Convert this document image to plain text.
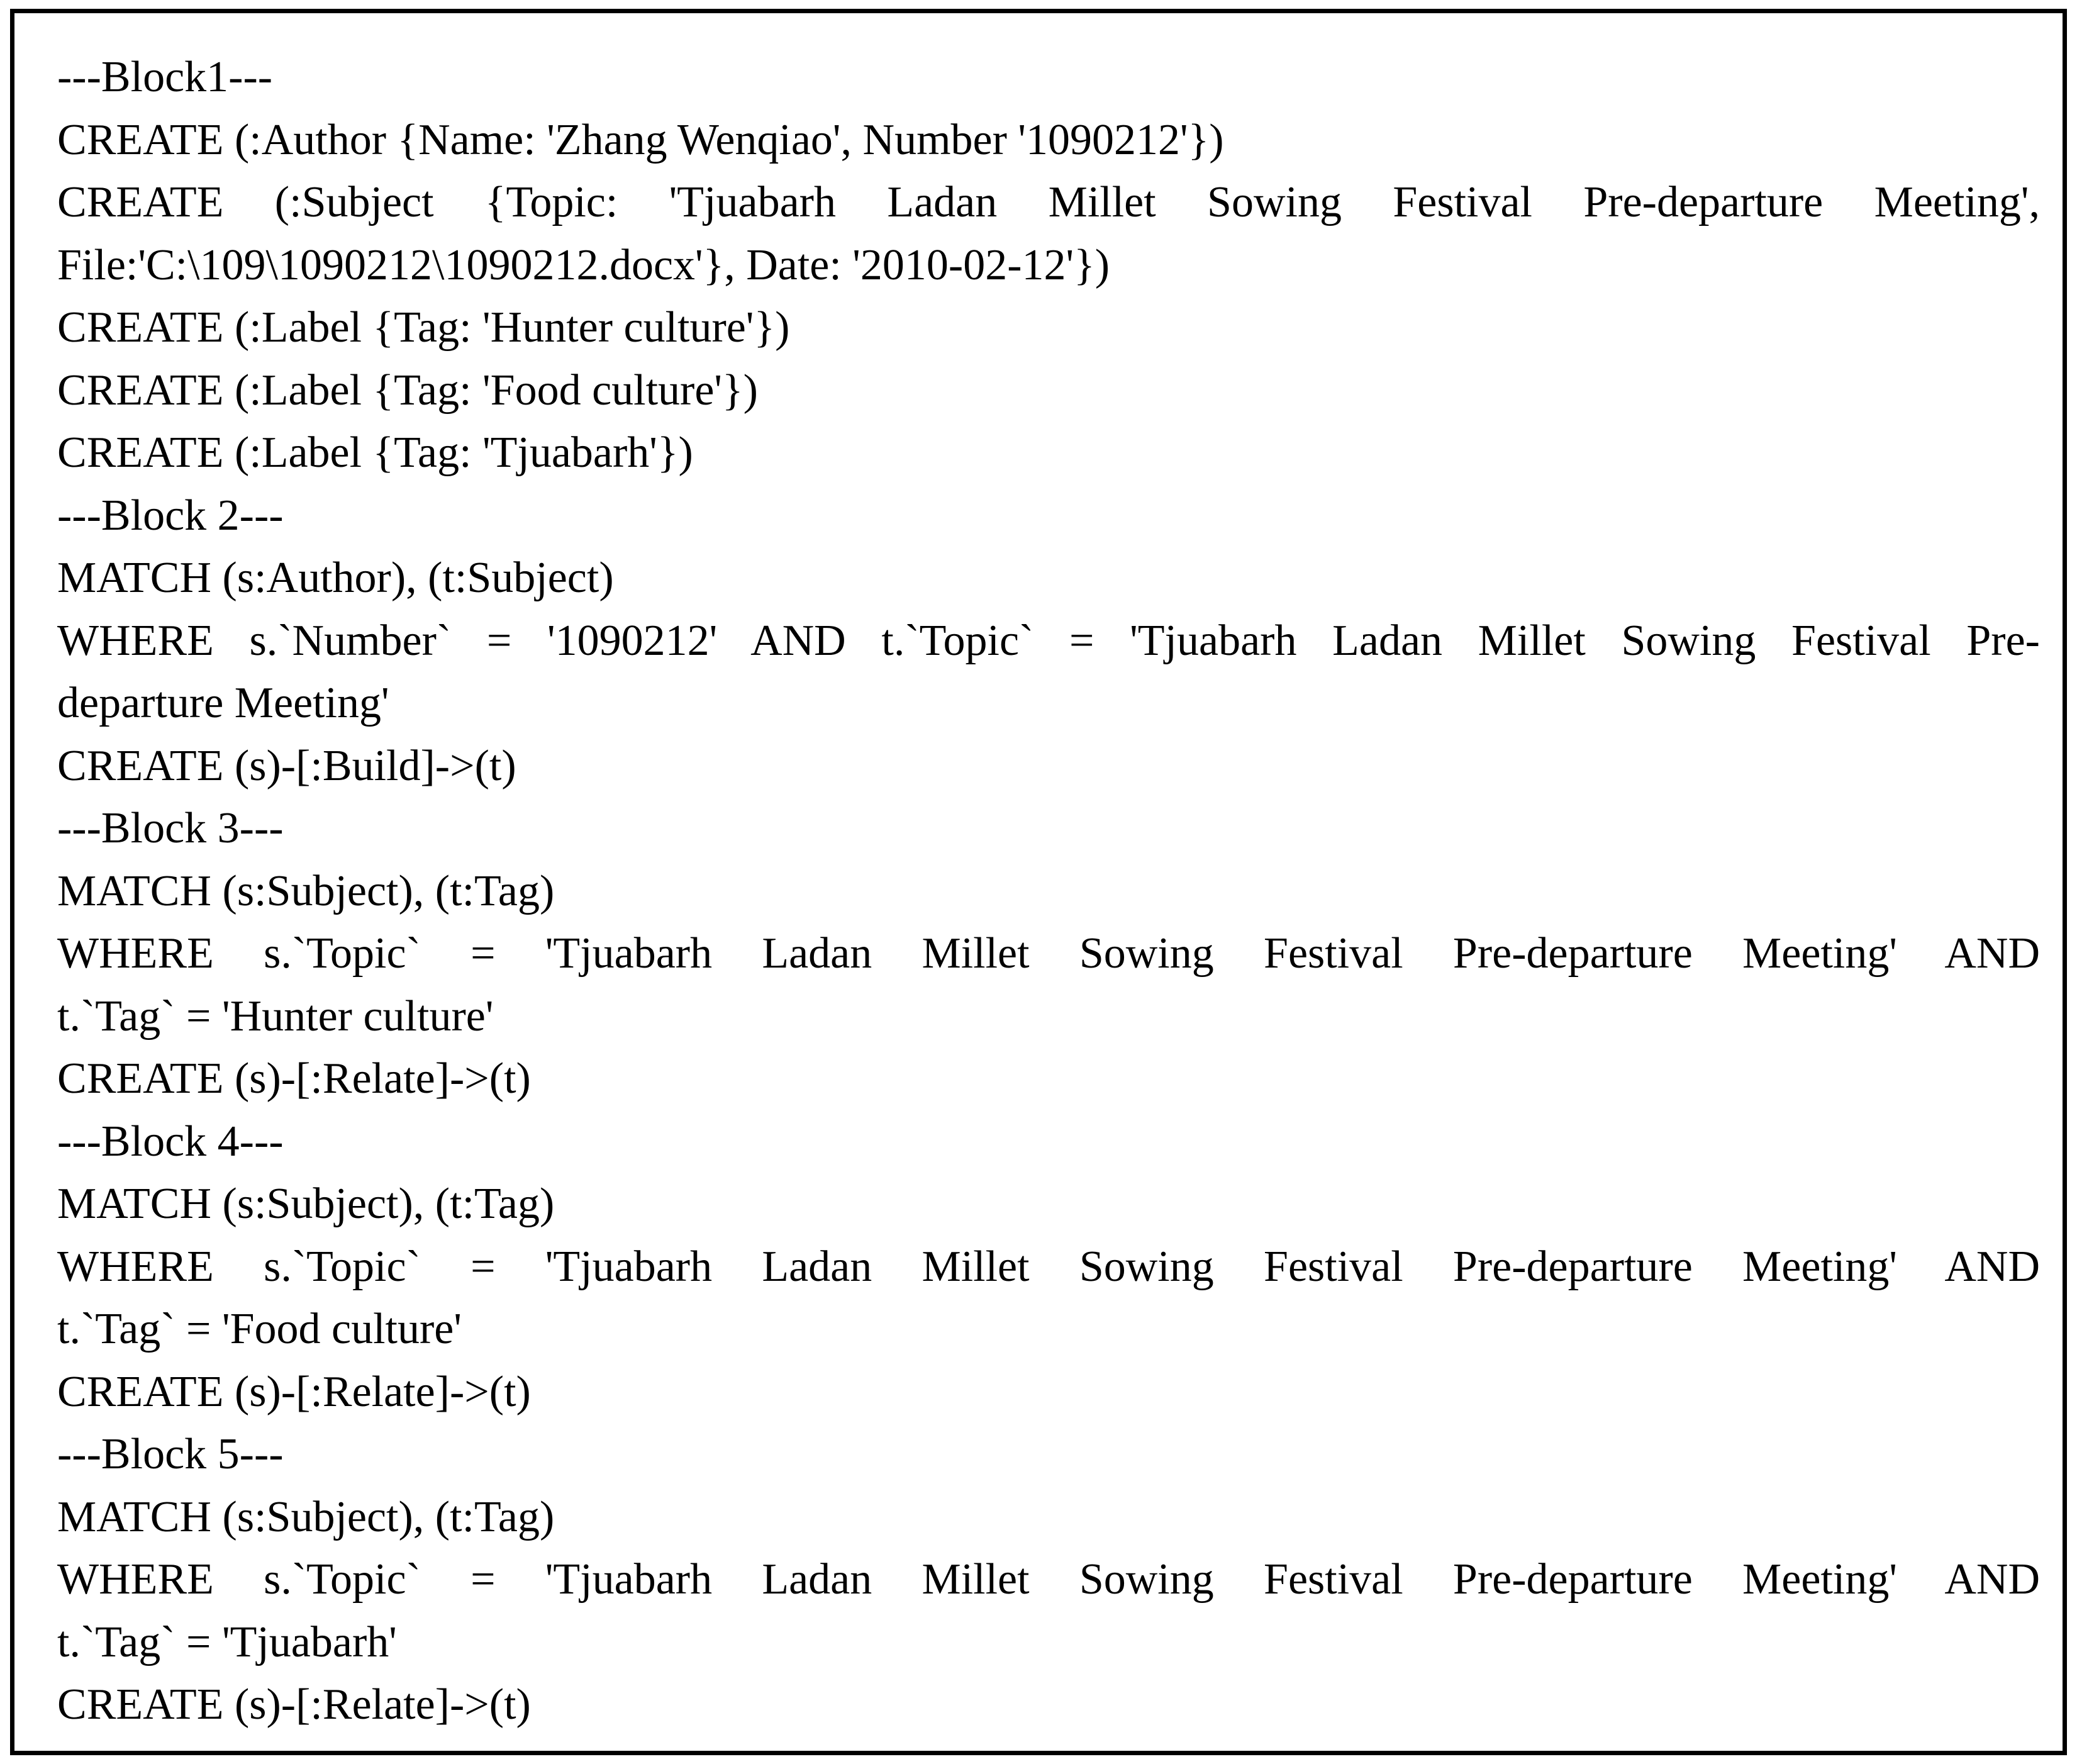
---Block1---
CREATE (:Author {Name: 'Zhang Wenqiao', Number '1090212'})
CREATE (:Subject {Topic: 'Tjuabarh Ladan Millet Sowing Festival Pre-departure Meeting',
File:'C:\109\1090212\1090212.docx'}, Date: '2010-02-12'})
CREATE (:Label {Tag: 'Hunter culture'})
CREATE (:Label {Tag: 'Food culture'})
CREATE (:Label {Tag: 'Tjuabarh'})
---Block 2---
MATCH (s:Author), (t:Subject)
WHERE s.`Number` = '1090212' AND t.`Topic` = 'Tjuabarh Ladan Millet Sowing Festival Pre-
departure Meeting'
CREATE (s)-[:Build]->(t)
---Block 3---
MATCH (s:Subject), (t:Tag)
WHERE s.`Topic` = 'Tjuabarh Ladan Millet Sowing Festival Pre-departure Meeting' AND
t.`Tag` = 'Hunter culture'
CREATE (s)-[:Relate]->(t)
---Block 4---
MATCH (s:Subject), (t:Tag)
WHERE s.`Topic` = 'Tjuabarh Ladan Millet Sowing Festival Pre-departure Meeting' AND
t.`Tag` = 'Food culture'
CREATE (s)-[:Relate]->(t)
---Block 5---
MATCH (s:Subject), (t:Tag)
WHERE s.`Topic` = 'Tjuabarh Ladan Millet Sowing Festival Pre-departure Meeting' AND
t.`Tag` = 'Tjuabarh'
CREATE (s)-[:Relate]->(t)
